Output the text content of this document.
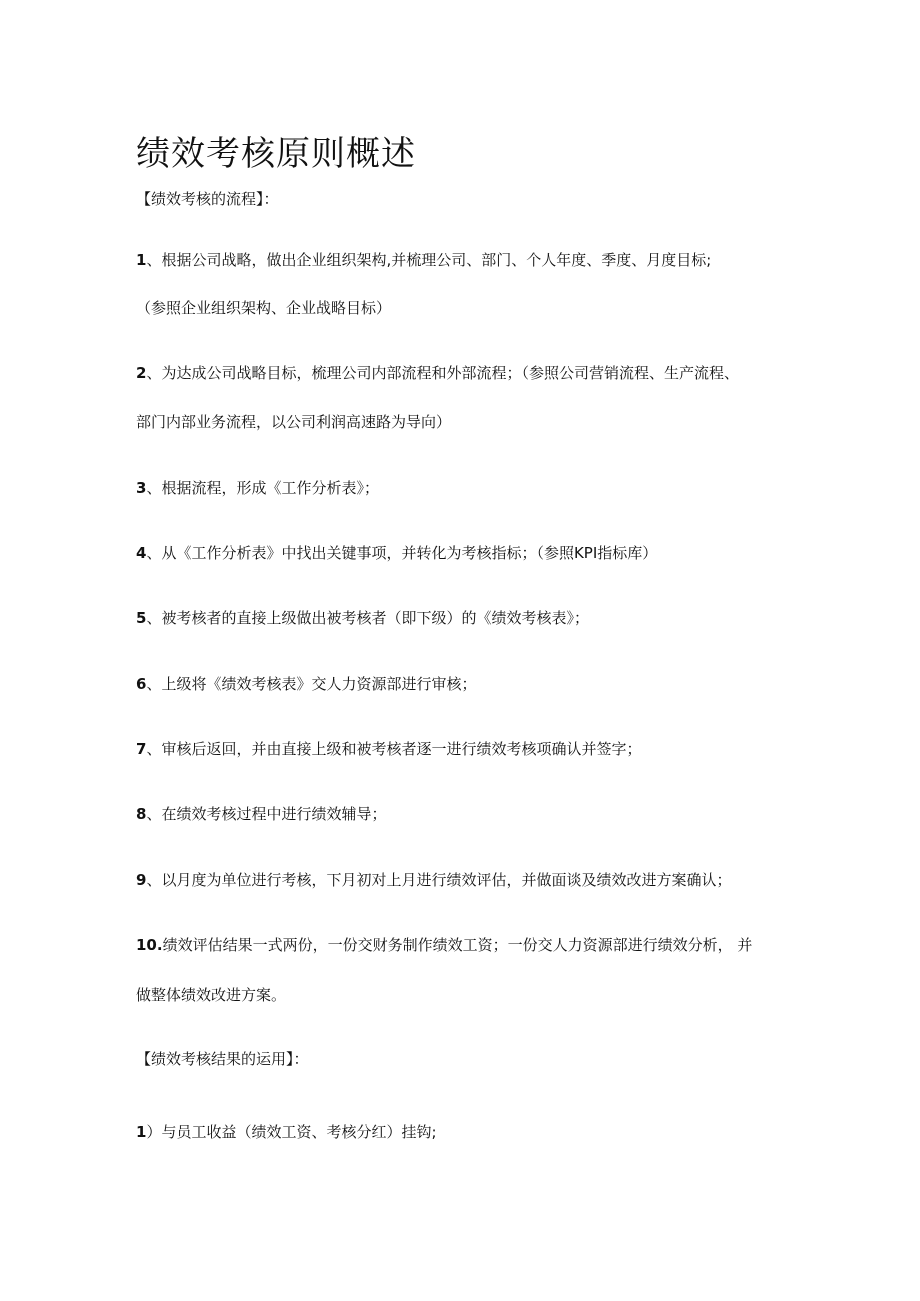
绩效考核原则概述
【绩效考核的流程】：
1、根据公司战略，做出企业组织架构,并梳理公司、部门、个人年度、季度、月度目标;
（参照企业组织架构、企业战略目标）
2、为达成公司战略目标，梳理公司内部流程和外部流程；（参照公司营销流程、生产流程、
部门内部业务流程，以公司利润高速路为导向）
3、根据流程，形成《工作分析表》；
4、从《工作分析表》中找出关键事项，并转化为考核指标；（参照KPI指标库）
5、被考核者的直接上级做出被考核者（即下级）的《绩效考核表》；
6、上级将《绩效考核表》交人力资源部进行审核；
7、审核后返回，并由直接上级和被考核者逐一进行绩效考核项确认并签字；
8、在绩效考核过程中进行绩效辅导；
9、以月度为单位进行考核，下月初对上月进行绩效评估，并做面谈及绩效改进方案确认；
10.绩效评估结果一式两份，一份交财务制作绩效工资；一份交人力资源部进行绩效分析， 并
做整体绩效改进方案。
【绩效考核结果的运用】：
1）与员工收益（绩效工资、考核分红）挂钩;
